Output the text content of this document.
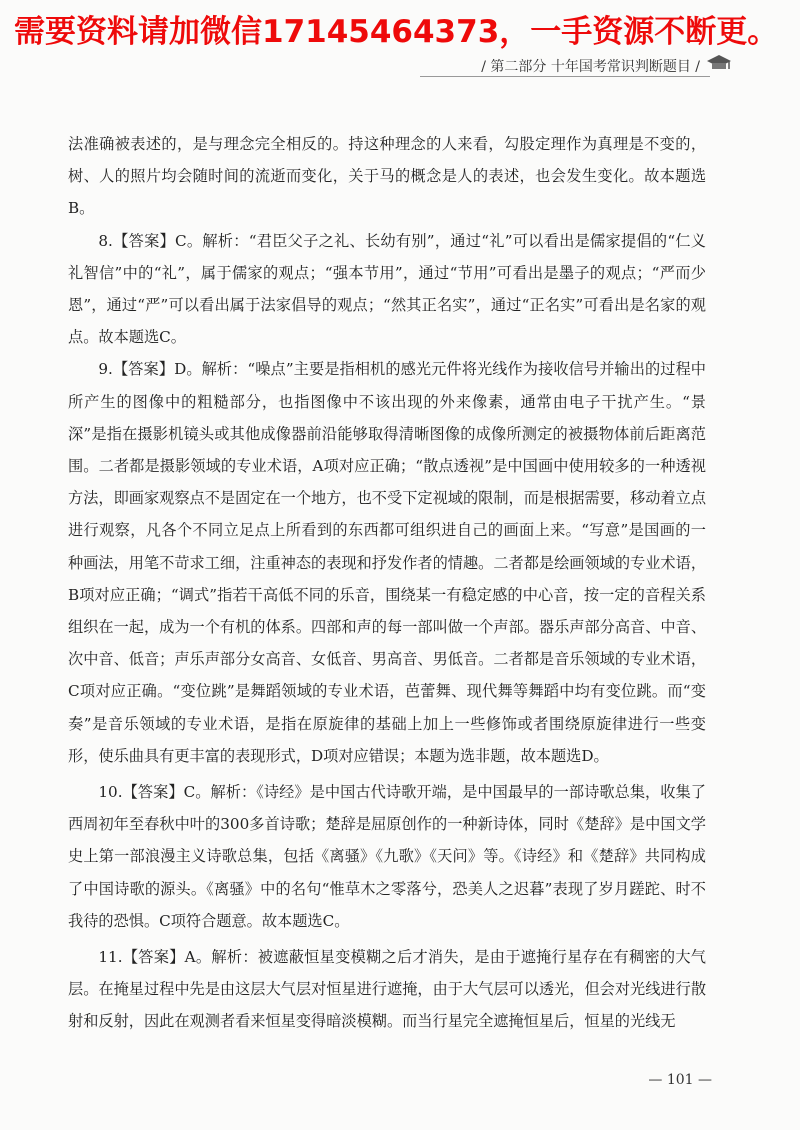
需要资料请加微信17145464373，一手资源不断更。
/ 第二部分 十年国考常识判断题目 /

法准确被表述的，是与理念完全相反的。持这种理念的人来看，勾股定理作为真理是不变的，树、人的照片均会随时间的流逝而变化，关于马的概念是人的表述，也会发生变化。故本题选B。

8.【答案】C。解析：“君臣父子之礼、长幼有别”，通过“礼”可以看出是儒家提倡的“仁义礼智信”中的“礼”，属于儒家的观点；“强本节用”，通过“节用”可看出是墨子的观点；“严而少恩”，通过“严”可以看出属于法家倡导的观点；“然其正名实”，通过“正名实”可看出是名家的观点。故本题选C。

9.【答案】D。解析：“噪点”主要是指相机的感光元件将光线作为接收信号并输出的过程中所产生的图像中的粗糙部分，也指图像中不该出现的外来像素，通常由电子干扰产生。“景深”是指在摄影机镜头或其他成像器前沿能够取得清晰图像的成像所测定的被摄物体前后距离范围。二者都是摄影领域的专业术语，A项对应正确；“散点透视”是中国画中使用较多的一种透视方法，即画家观察点不是固定在一个地方，也不受下定视域的限制，而是根据需要，移动着立点进行观察，凡各个不同立足点上所看到的东西都可组织进自己的画面上来。“写意”是国画的一种画法，用笔不苛求工细，注重神态的表现和抒发作者的情趣。二者都是绘画领域的专业术语，B项对应正确；“调式”指若干高低不同的乐音，围绕某一有稳定感的中心音，按一定的音程关系组织在一起，成为一个有机的体系。四部和声的每一部叫做一个声部。器乐声部分高音、中音、次中音、低音；声乐声部分女高音、女低音、男高音、男低音。二者都是音乐领域的专业术语，C项对应正确。“变位跳”是舞蹈领域的专业术语，芭蕾舞、现代舞等舞蹈中均有变位跳。而“变奏”是音乐领域的专业术语，是指在原旋律的基础上加上一些修饰或者围绕原旋律进行一些变形，使乐曲具有更丰富的表现形式，D项对应错误；本题为选非题，故本题选D。

10.【答案】C。解析：《诗经》是中国古代诗歌开端，是中国最早的一部诗歌总集，收集了西周初年至春秋中叶的300多首诗歌；楚辞是屈原创作的一种新诗体，同时《楚辞》是中国文学史上第一部浪漫主义诗歌总集，包括《离骚》《九歌》《天问》等。《诗经》和《楚辞》共同构成了中国诗歌的源头。《离骚》中的名句“惟草木之零落兮，恐美人之迟暮”表现了岁月蹉跎、时不我待的恐惧。C项符合题意。故本题选C。

11.【答案】A。解析：被遮蔽恒星变模糊之后才消失，是由于遮掩行星存在有稠密的大气层。在掩星过程中先是由这层大气层对恒星进行遮掩，由于大气层可以透光，但会对光线进行散射和反射，因此在观测者看来恒星变得暗淡模糊。而当行星完全遮掩恒星后，恒星的光线无

— 101 —
